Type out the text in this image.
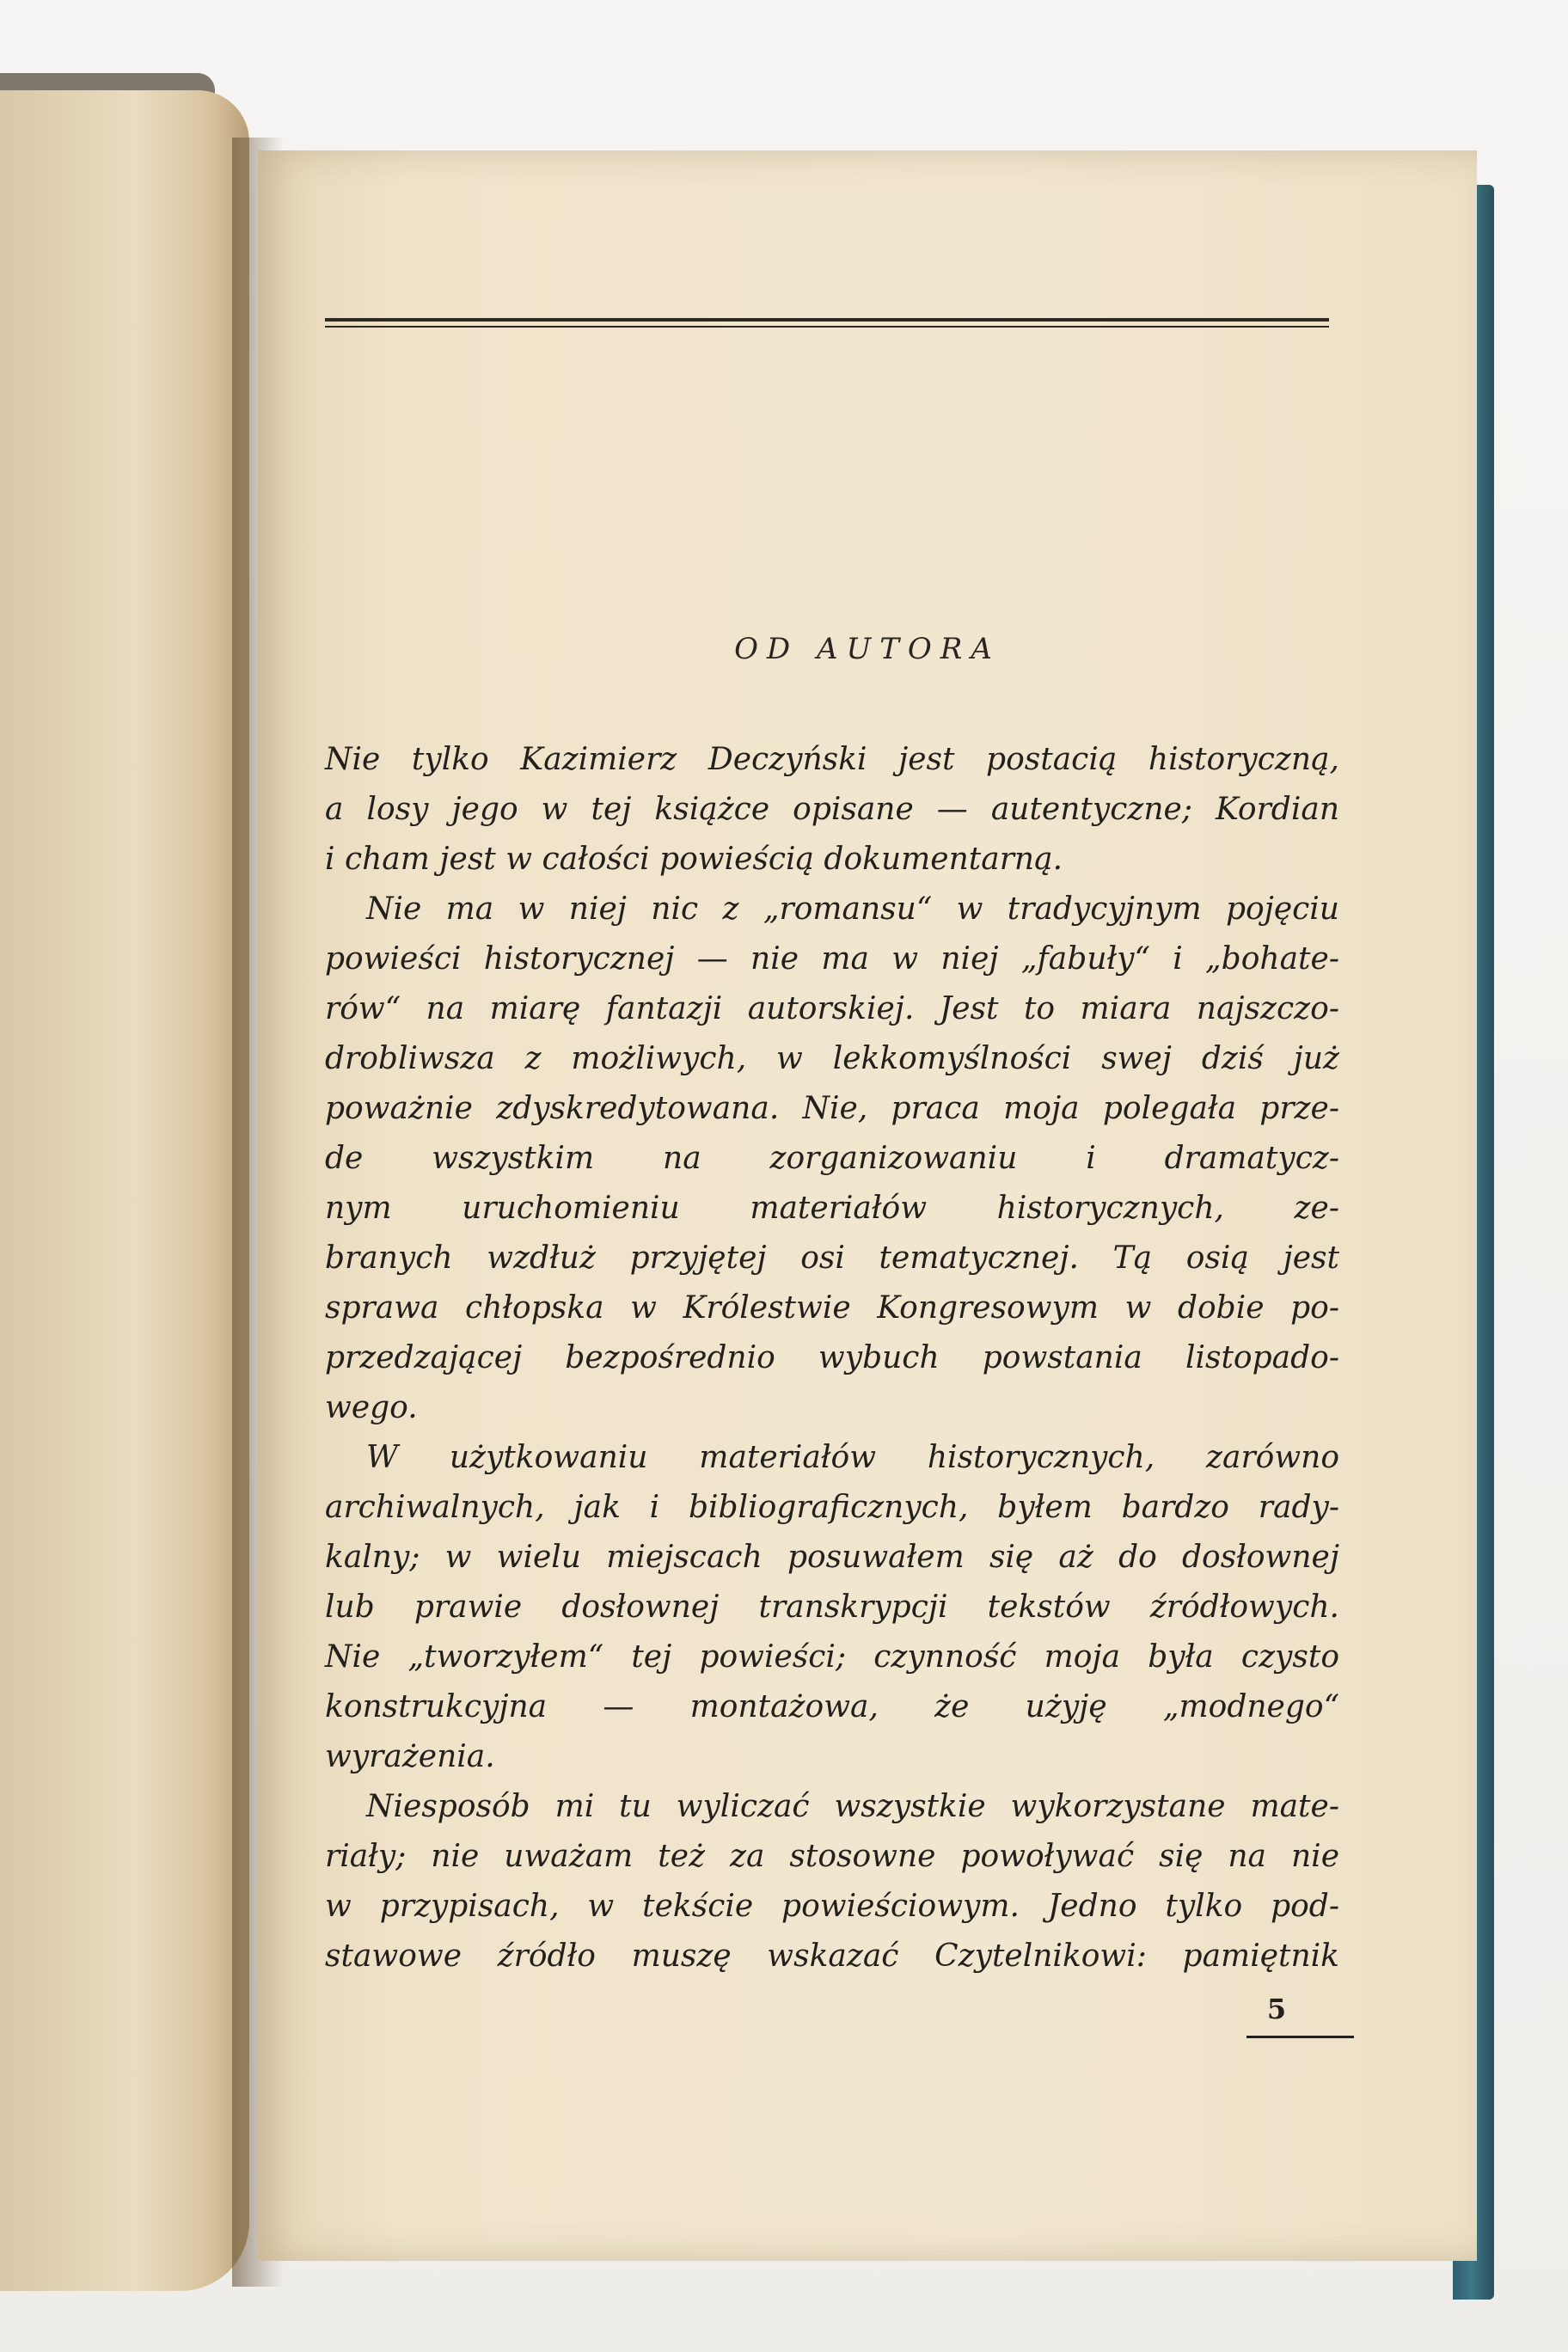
OD AUTORA
Nie tylko Kazimierz Deczyński jest postacią historyczną,
a losy jego w tej książce opisane — autentyczne; Kordian
i cham jest w całości powieścią dokumentarną.
Nie ma w niej nic z „romansu“ w tradycyjnym pojęciu
powieści historycznej — nie ma w niej „fabuły“ i „bohate-
rów“ na miarę fantazji autorskiej. Jest to miara najszczo-
drobliwsza z możliwych, w lekkomyślności swej dziś już
poważnie zdyskredytowana. Nie, praca moja polegała prze-
de wszystkim na zorganizowaniu i dramatycz-
nym uruchomieniu materiałów historycznych, ze-
branych wzdłuż przyjętej osi tematycznej. Tą osią jest
sprawa chłopska w Królestwie Kongresowym w dobie po-
przedzającej bezpośrednio wybuch powstania listopado-
wego.
W użytkowaniu materiałów historycznych, zarówno
archiwalnych, jak i bibliograficznych, byłem bardzo rady-
kalny; w wielu miejscach posuwałem się aż do dosłownej
lub prawie dosłownej transkrypcji tekstów źródłowych.
Nie „tworzyłem“ tej powieści; czynność moja była czysto
konstrukcyjna — montażowa, że użyję „modnego“
wyrażenia.
Niesposób mi tu wyliczać wszystkie wykorzystane mate-
riały; nie uważam też za stosowne powoływać się na nie
w przypisach, w tekście powieściowym. Jedno tylko pod-
stawowe źródło muszę wskazać Czytelnikowi: pamiętnik
5
